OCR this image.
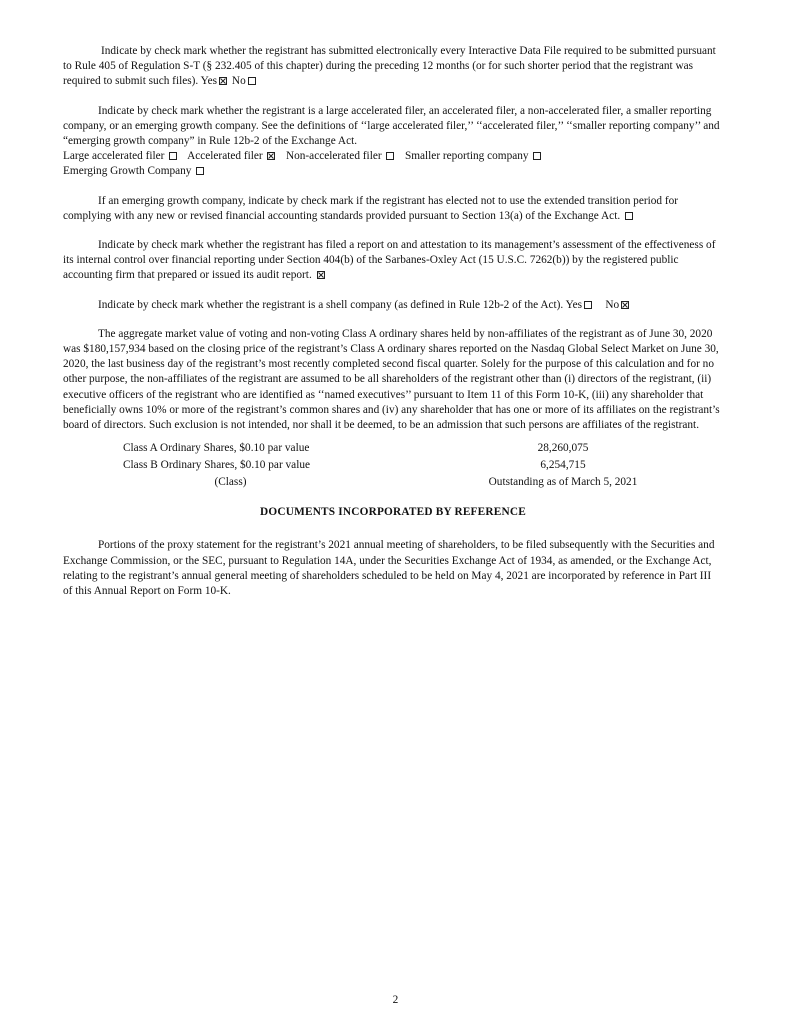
Indicate by check mark whether the registrant has submitted electronically every Interactive Data File required to be submitted pursuant to Rule 405 of Regulation S-T (§ 232.405 of this chapter) during the preceding 12 months (or for such shorter period that the registrant was required to submit such files). Yes No

Indicate by check mark whether the registrant is a large accelerated filer, an accelerated filer, a non-accelerated filer, a smaller reporting company, or an emerging growth company. See the definitions of ‘‘large accelerated filer,’’ ‘‘accelerated filer,’’ ‘‘smaller reporting company’’ and “emerging growth company” in Rule 12b-2 of the Exchange Act.

Large accelerated filer Accelerated filer Non-accelerated filer Smaller reporting company

Emerging Growth Company

If an emerging growth company, indicate by check mark if the registrant has elected not to use the extended transition period for complying with any new or revised financial accounting standards provided pursuant to Section 13(a) of the Exchange Act.

Indicate by check mark whether the registrant has filed a report on and attestation to its management’s assessment of the effectiveness of its internal control over financial reporting under Section 404(b) of the Sarbanes-Oxley Act (15 U.S.C. 7262(b)) by the registered public accounting firm that prepared or issued its audit report.

Indicate by check mark whether the registrant is a shell company (as defined in Rule 12b-2 of the Act). Yes No

The aggregate market value of voting and non-voting Class A ordinary shares held by non-affiliates of the registrant as of June 30, 2020 was $180,157,934 based on the closing price of the registrant’s Class A ordinary shares reported on the Nasdaq Global Select Market on June 30, 2020, the last business day of the registrant’s most recently completed second fiscal quarter. Solely for the purpose of this calculation and for no other purpose, the non-affiliates of the registrant are assumed to be all shareholders of the registrant other than (i) directors of the registrant, (ii) executive officers of the registrant who are identified as ‘‘named executives’’ pursuant to Item 11 of this Form 10-K, (iii) any shareholder that beneficially owns 10% or more of the registrant’s common shares and (iv) any shareholder that has one or more of its affiliates on the registrant’s board of directors. Such exclusion is not intended, nor shall it be deemed, to be an admission that such persons are affiliates of the registrant.

Class A Ordinary Shares, $0.10 par value	28,260,075
Class B Ordinary Shares, $0.10 par value	6,254,715
(Class)	Outstanding as of March 5, 2021
DOCUMENTS INCORPORATED BY REFERENCE

Portions of the proxy statement for the registrant’s 2021 annual meeting of shareholders, to be filed subsequently with the Securities and Exchange Commission, or the SEC, pursuant to Regulation 14A, under the Securities Exchange Act of 1934, as amended, or the Exchange Act, relating to the registrant’s annual general meeting of shareholders scheduled to be held on May 4, 2021 are incorporated by reference in Part III of this Annual Report on Form 10-K.

2
